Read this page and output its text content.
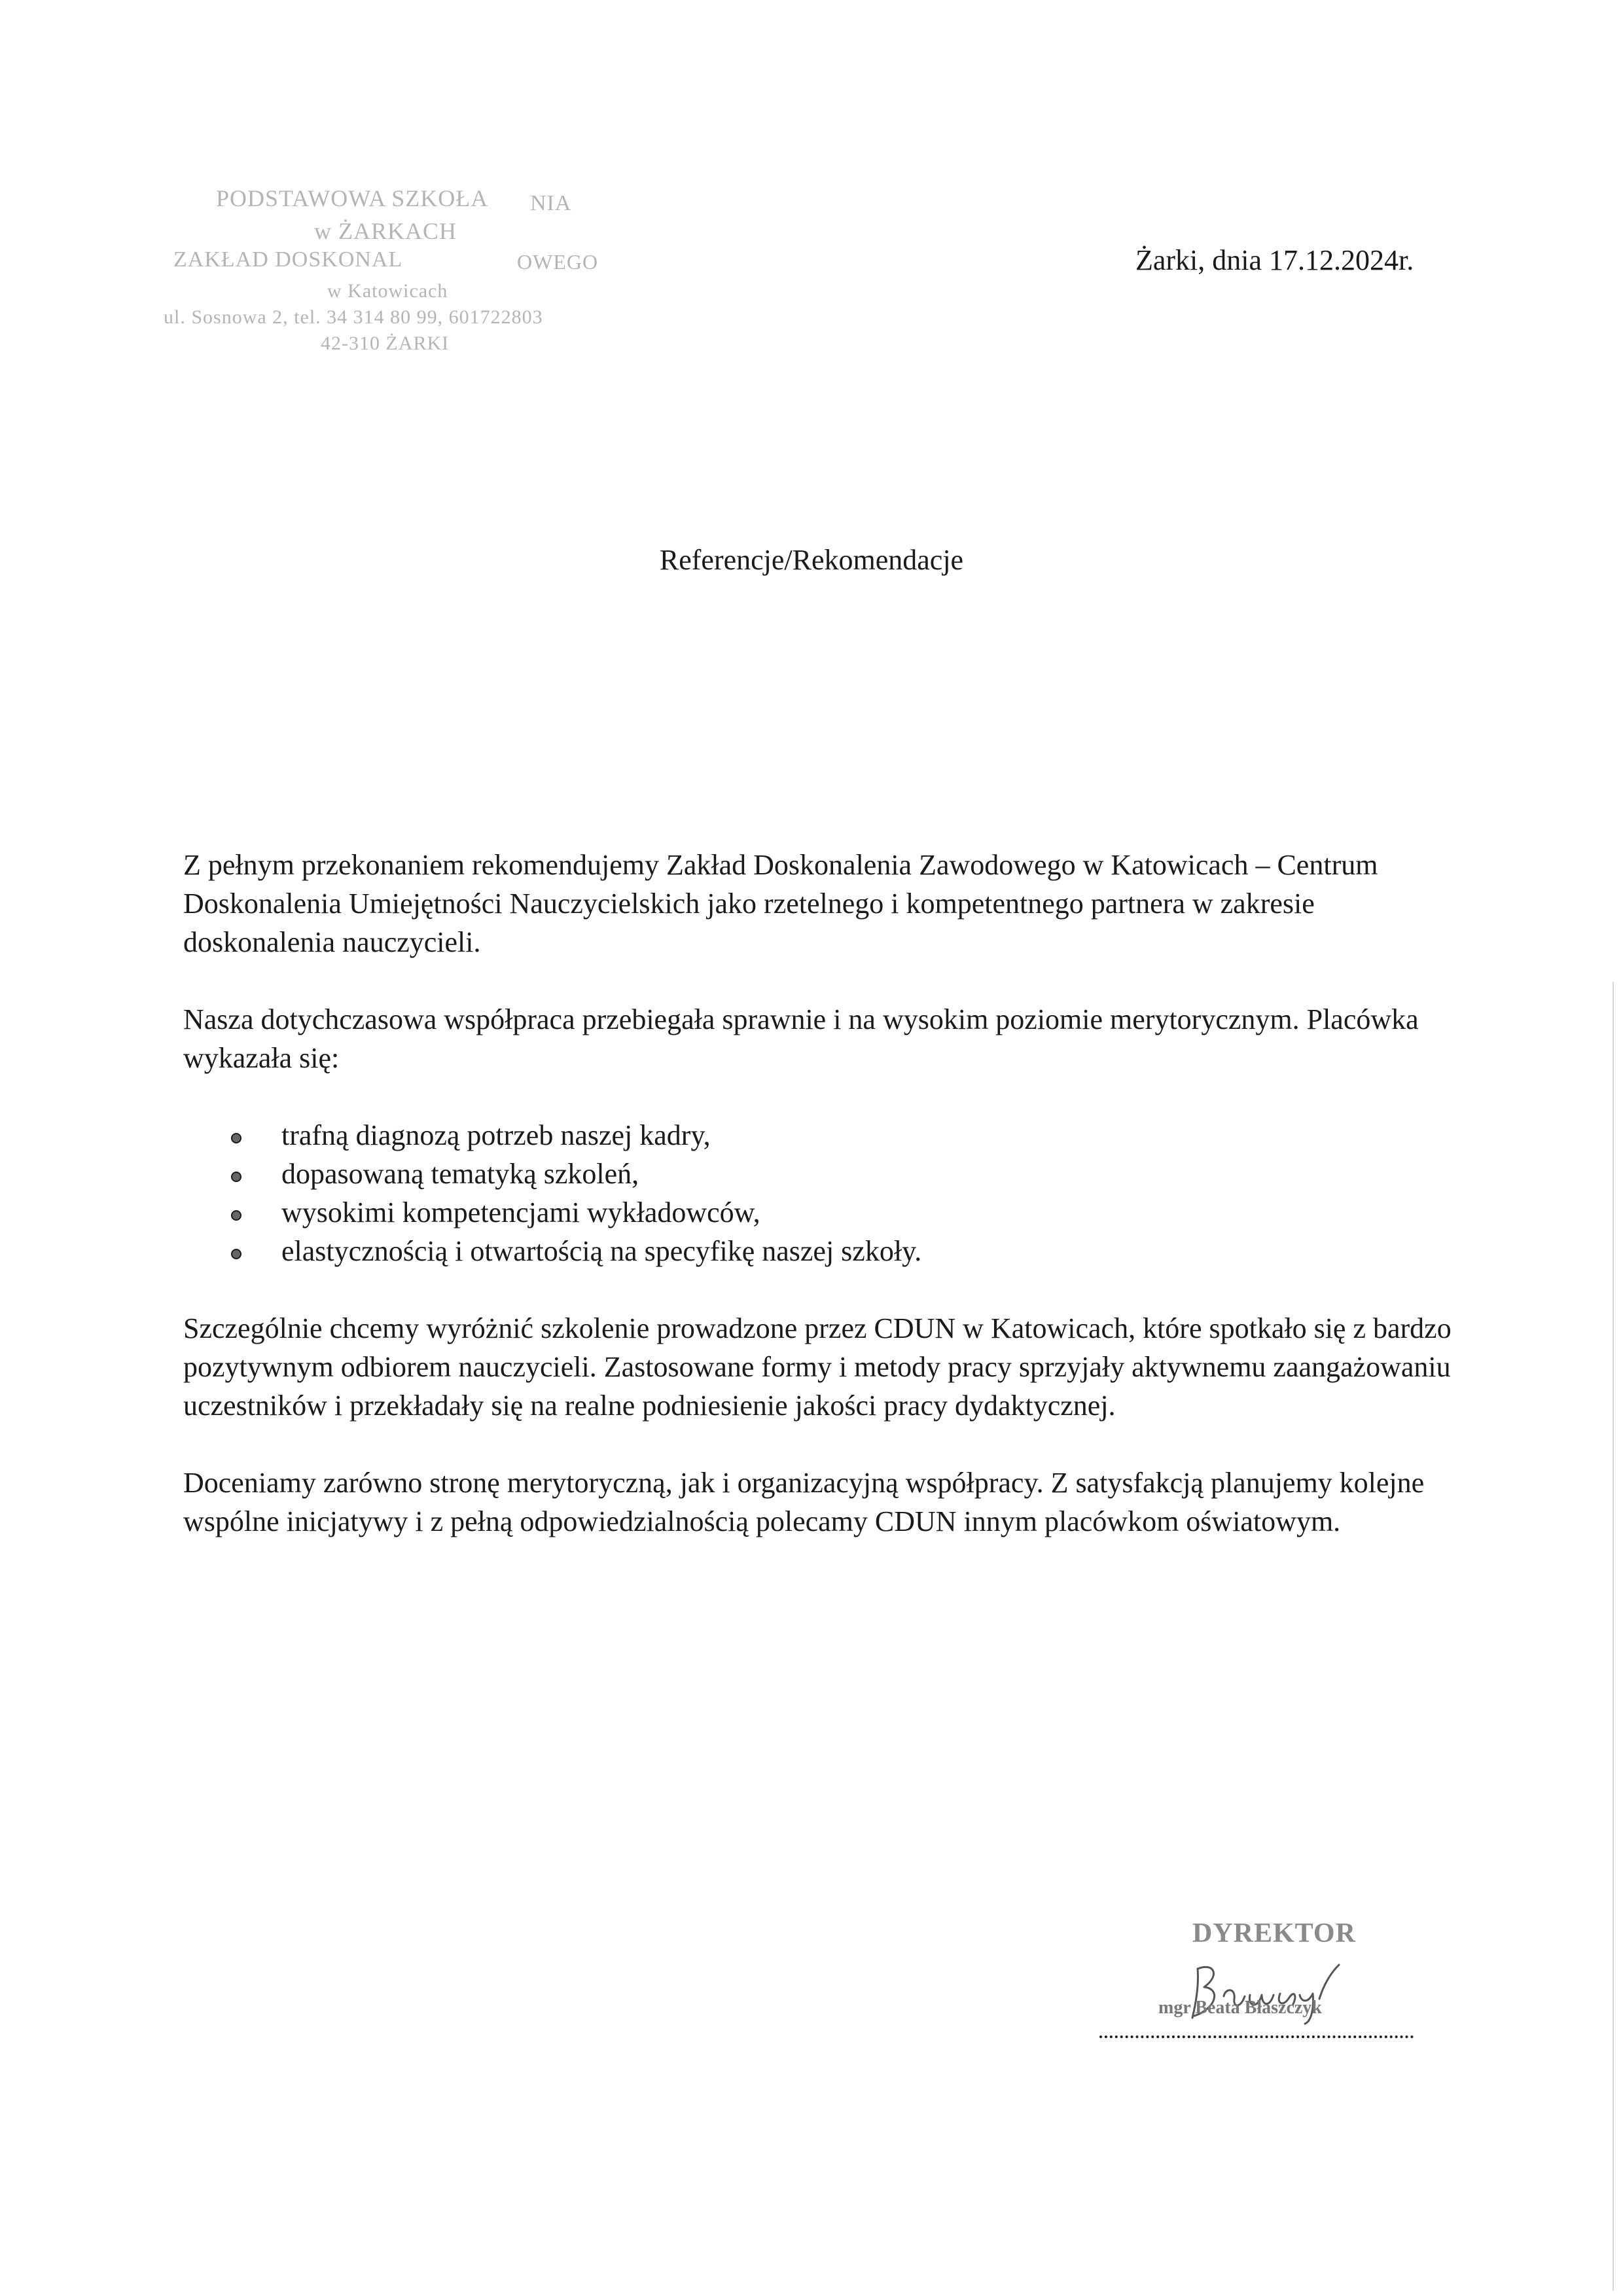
PODSTAWOWA SZKOŁA NIA
w ŻARKACH
ZAKŁAD DOSKONAL	OWEGO
w Katowicach
ul. Sosnowa 2, tel. 34 314 80 99, 601722803
42-310 ŻARKI
Żarki, dnia 17.12.2024r.
Referencje/Rekomendacje

Z pełnym przekonaniem rekomendujemy Zakład Doskonalenia Zawodowego w Katowicach – Centrum Doskonalenia Umiejętności Nauczycielskich jako rzetelnego i kompetentnego partnera w zakresie doskonalenia nauczycieli.

Nasza dotychczasowa współpraca przebiegała sprawnie i na wysokim poziomie merytorycznym. Placówka wykazała się:

trafną diagnozą potrzeb naszej kadry,
dopasowaną tematyką szkoleń,
wysokimi kompetencjami wykładowców,
elastycznością i otwartością na specyfikę naszej szkoły.

Szczególnie chcemy wyróżnić szkolenie prowadzone przez CDUN w Katowicach, które spotkało się z bardzo pozytywnym odbiorem nauczycieli. Zastosowane formy i metody pracy sprzyjały aktywnemu zaangażowaniu uczestników i przekładały się na realne podniesienie jakości pracy dydaktycznej.

Doceniamy zarówno stronę merytoryczną, jak i organizacyjną współpracy. Z satysfakcją planujemy kolejne wspólne inicjatywy i z pełną odpowiedzialnością polecamy CDUN innym placówkom oświatowym.

DYREKTOR
mgr Beata Błaszczyk
